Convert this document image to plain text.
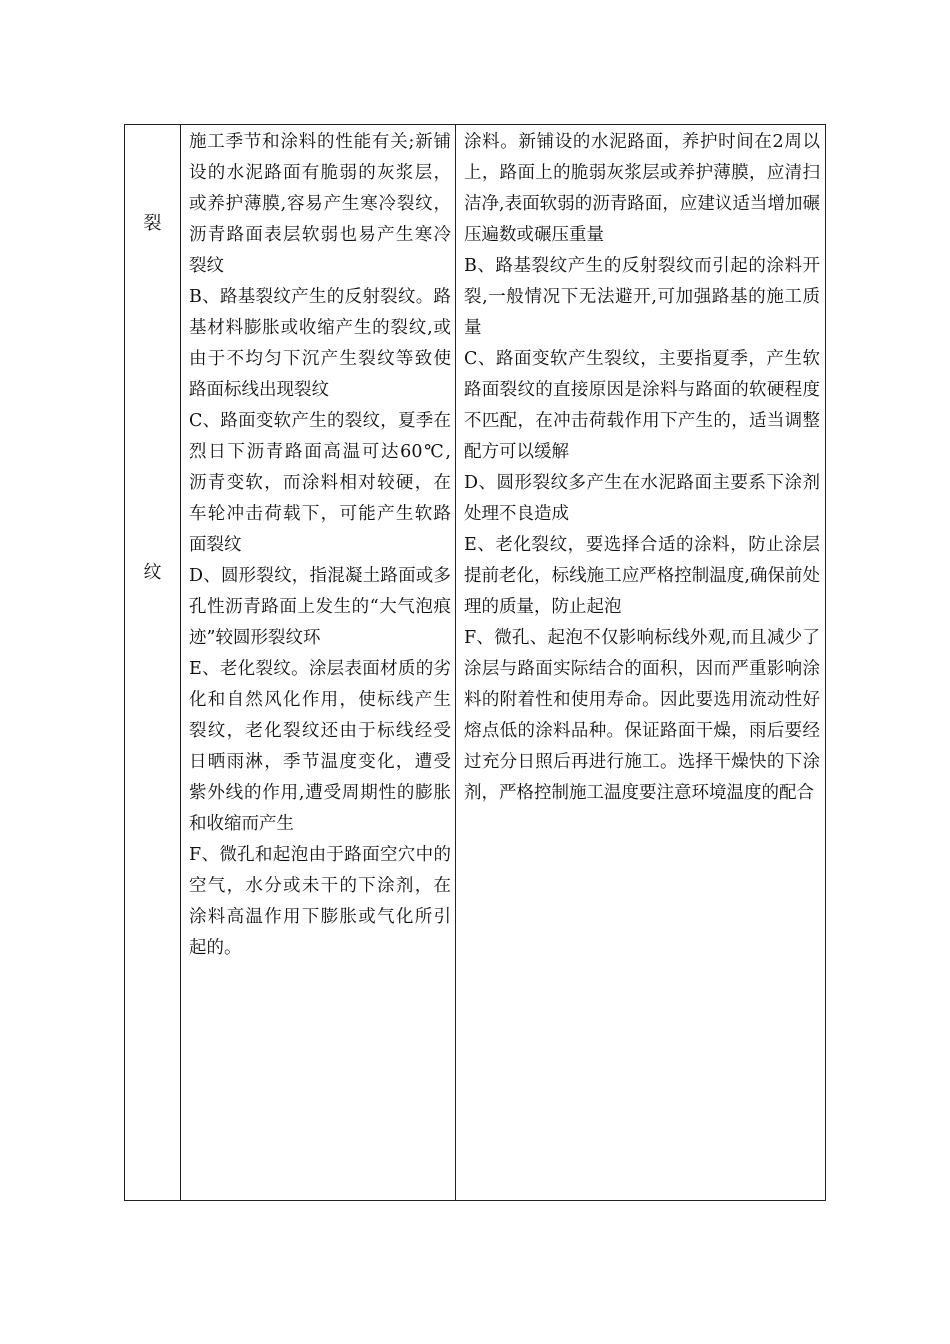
裂
纹

施工季节和涂料的性能有关;新铺设的水泥路面有脆弱的灰浆层，或养护薄膜,容易产生寒冷裂纹，沥青路面表层软弱也易产生寒冷裂纹

B、路基裂纹产生的反射裂纹。路基材料膨胀或收缩产生的裂纹,或由于不均匀下沉产生裂纹等致使路面标线出现裂纹

C、路面变软产生的裂纹，夏季在烈日下沥青路面高温可达60℃, 沥青变软，而涂料相对较硬，在车轮冲击荷载下，可能产生软路面裂纹

D、圆形裂纹，指混凝土路面或多孔性沥青路面上发生的“大气泡痕迹”较圆形裂纹环

E、老化裂纹。涂层表面材质的劣化和自然风化作用，使标线产生裂纹，老化裂纹还由于标线经受日晒雨淋，季节温度变化，遭受紫外线的作用,遭受周期性的膨胀和收缩而产生

F、微孔和起泡由于路面空穴中的空气，水分或未干的下涂剂，在涂料高温作用下膨胀或气化所引起的。

涂料。新铺设的水泥路面，养护时间在2周以上，路面上的脆弱灰浆层或养护薄膜，应清扫洁净,表面软弱的沥青路面，应建议适当增加碾压遍数或碾压重量

B、路基裂纹产生的反射裂纹而引起的涂料开裂,一般情况下无法避开,可加强路基的施工质量

C、路面变软产生裂纹，主要指夏季，产生软路面裂纹的直接原因是涂料与路面的软硬程度不匹配，在冲击荷载作用下产生的，适当调整配方可以缓解

D、圆形裂纹多产生在水泥路面主要系下涂剂处理不良造成

E、老化裂纹，要选择合适的涂料，防止涂层提前老化，标线施工应严格控制温度,确保前处理的质量，防止起泡

F、微孔、起泡不仅影响标线外观,而且减少了涂层与路面实际结合的面积，因而严重影响涂料的附着性和使用寿命。因此要选用流动性好熔点低的涂料品种。保证路面干燥，雨后要经过充分日照后再进行施工。选择干燥快的下涂剂，严格控制施工温度要注意环境温度的配合
